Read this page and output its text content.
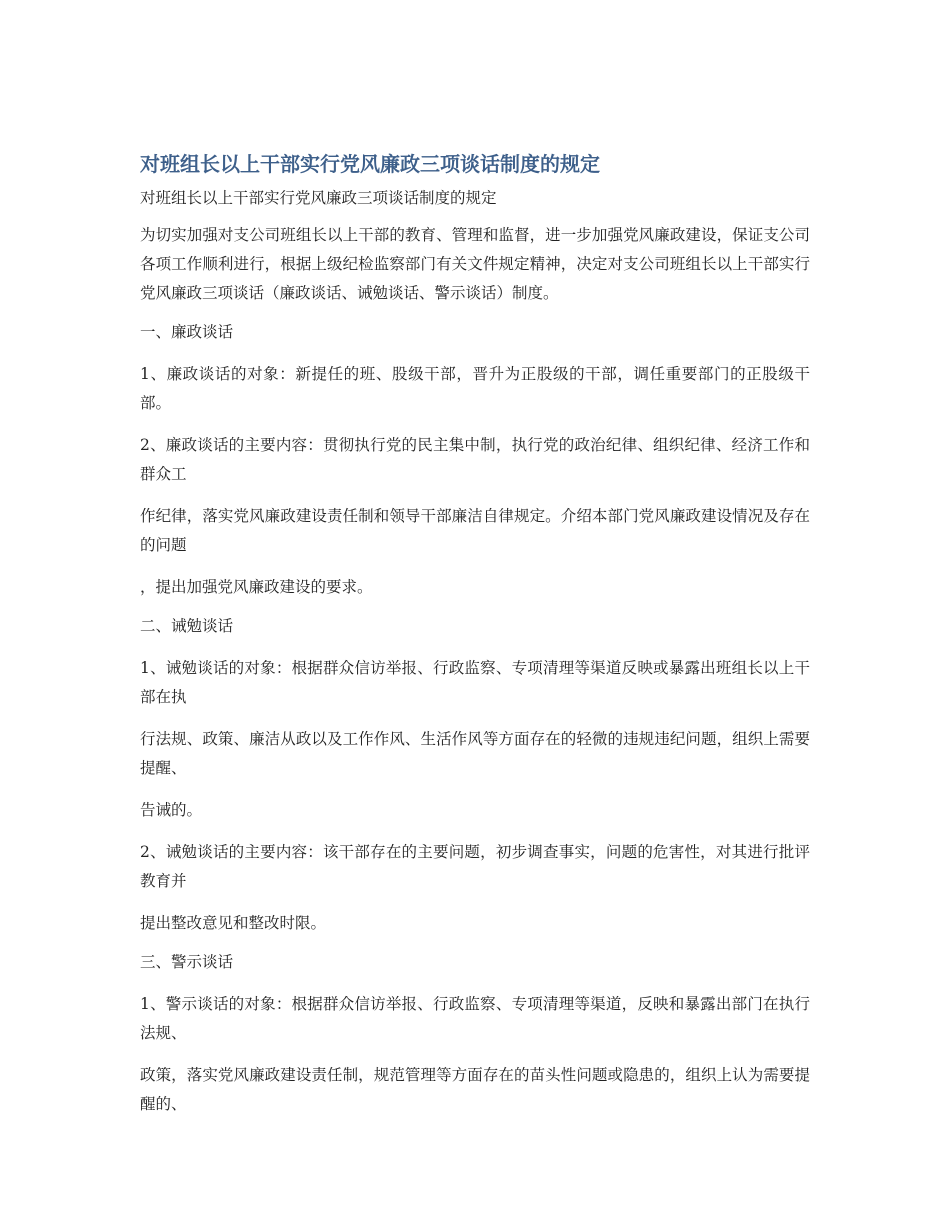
对班组长以上干部实行党风廉政三项谈话制度的规定

对班组长以上干部实行党风廉政三项谈话制度的规定

为切实加强对支公司班组长以上干部的教育、管理和监督，进一步加强党风廉政建设，保证支公司各项工作顺利进行，根据上级纪检监察部门有关文件规定精神，决定对支公司班组长以上干部实行党风廉政三项谈话（廉政谈话、诫勉谈话、警示谈话）制度。

一、廉政谈话

1、廉政谈话的对象：新提任的班、股级干部，晋升为正股级的干部，调任重要部门的正股级干部。

2、廉政谈话的主要内容：贯彻执行党的民主集中制，执行党的政治纪律、组织纪律、经济工作和群众工

作纪律，落实党风廉政建设责任制和领导干部廉洁自律规定。介绍本部门党风廉政建设情况及存在的问题

，提出加强党风廉政建设的要求。

二、诫勉谈话

1、诫勉谈话的对象：根据群众信访举报、行政监察、专项清理等渠道反映或暴露出班组长以上干部在执

行法规、政策、廉洁从政以及工作作风、生活作风等方面存在的轻微的违规违纪问题，组织上需要提醒、

告诫的。

2、诫勉谈话的主要内容：该干部存在的主要问题，初步调查事实，问题的危害性，对其进行批评教育并

提出整改意见和整改时限。

三、警示谈话

1、警示谈话的对象：根据群众信访举报、行政监察、专项清理等渠道，反映和暴露出部门在执行法规、

政策，落实党风廉政建设责任制，规范管理等方面存在的苗头性问题或隐患的，组织上认为需要提醒的、
